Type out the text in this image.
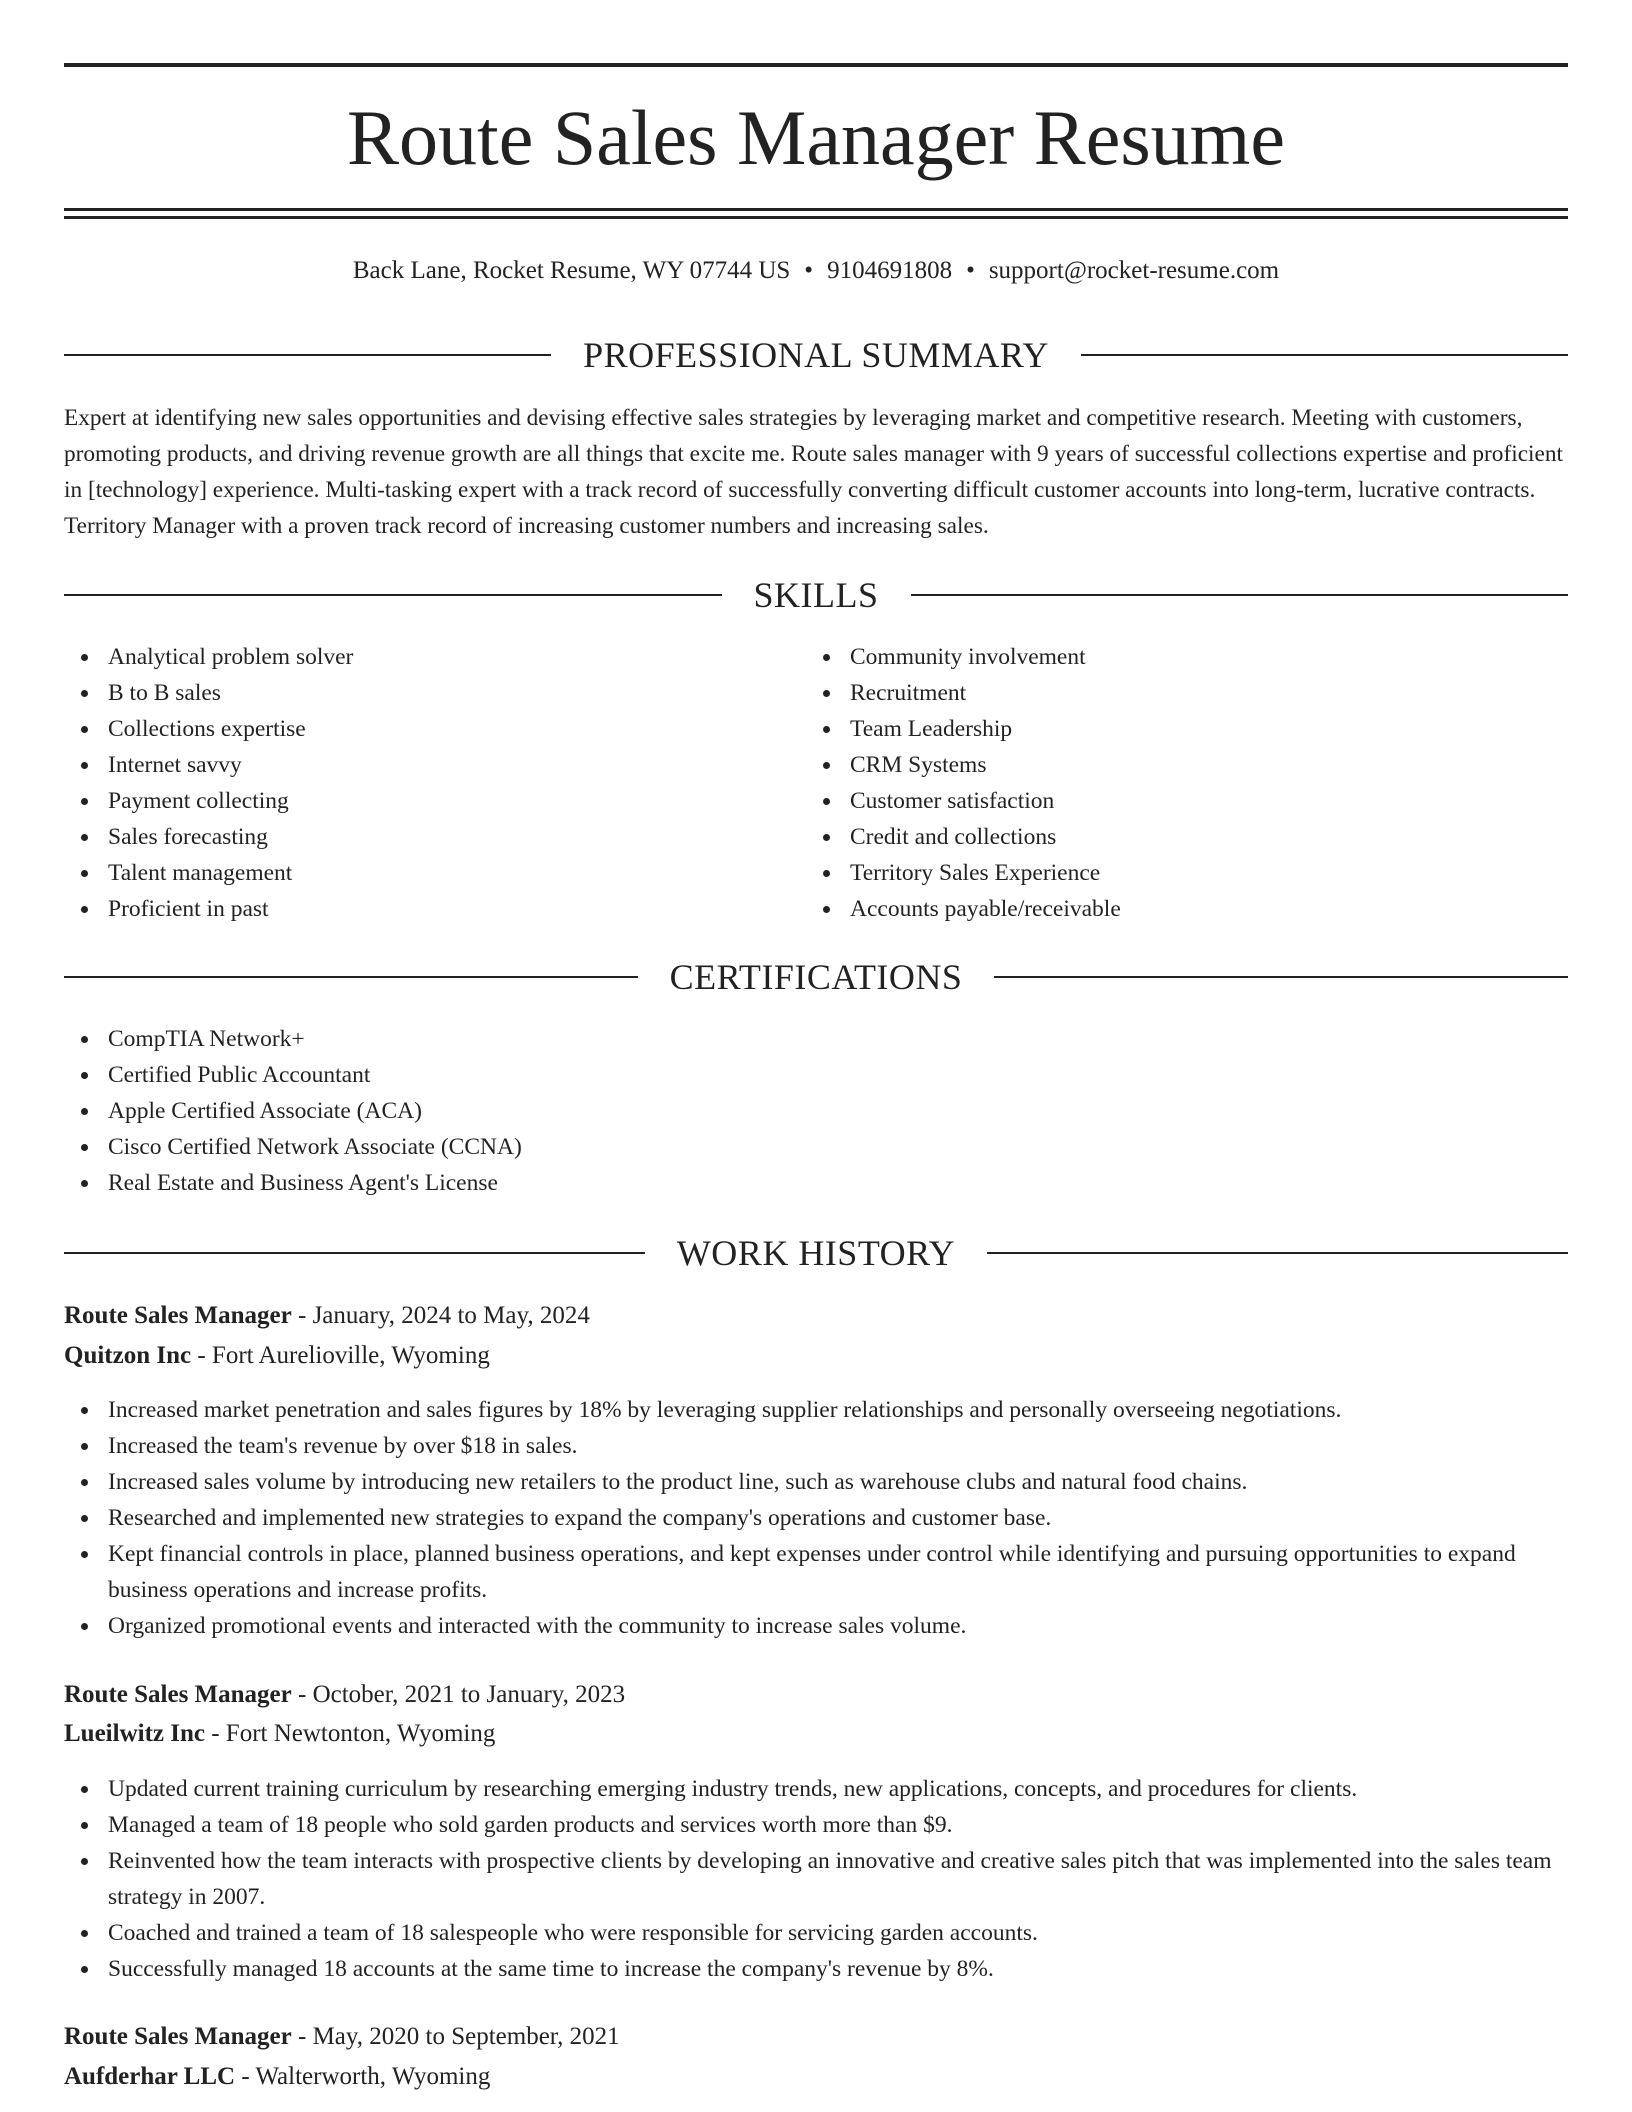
Route Sales Manager Resume
Back Lane, Rocket Resume, WY 07744 US • 9104691808 • support@rocket-resume.com
PROFESSIONAL SUMMARY

Expert at identifying new sales opportunities and devising effective sales strategies by leveraging market and competitive research. Meeting with customers, promoting products, and driving revenue growth are all things that excite me. Route sales manager with 9 years of successful collections expertise and proficient in [technology] experience. Multi-tasking expert with a track record of successfully converting difficult customer accounts into long-term, lucrative contracts. Territory Manager with a proven track record of increasing customer numbers and increasing sales.

SKILLS
Analytical problem solver
B to B sales
Collections expertise
Internet savvy
Payment collecting
Sales forecasting
Talent management
Proficient in past
Community involvement
Recruitment
Team Leadership
CRM Systems
Customer satisfaction
Credit and collections
Territory Sales Experience
Accounts payable/receivable
CERTIFICATIONS
CompTIA Network+
Certified Public Accountant
Apple Certified Associate (ACA)
Cisco Certified Network Associate (CCNA)
Real Estate and Business Agent's License
WORK HISTORY
Route Sales Manager - January, 2024 to May, 2024
Quitzon Inc - Fort Aurelioville, Wyoming
Increased market penetration and sales figures by 18% by leveraging supplier relationships and personally overseeing negotiations.
Increased the team's revenue by over $18 in sales.
Increased sales volume by introducing new retailers to the product line, such as warehouse clubs and natural food chains.
Researched and implemented new strategies to expand the company's operations and customer base.
Kept financial controls in place, planned business operations, and kept expenses under control while identifying and pursuing opportunities to expand business operations and increase profits.
Organized promotional events and interacted with the community to increase sales volume.
Route Sales Manager - October, 2021 to January, 2023
Lueilwitz Inc - Fort Newtonton, Wyoming
Updated current training curriculum by researching emerging industry trends, new applications, concepts, and procedures for clients.
Managed a team of 18 people who sold garden products and services worth more than $9.
Reinvented how the team interacts with prospective clients by developing an innovative and creative sales pitch that was implemented into the sales team strategy in 2007.
Coached and trained a team of 18 salespeople who were responsible for servicing garden accounts.
Successfully managed 18 accounts at the same time to increase the company's revenue by 8%.
Route Sales Manager - May, 2020 to September, 2021
Aufderhar LLC - Walterworth, Wyoming
